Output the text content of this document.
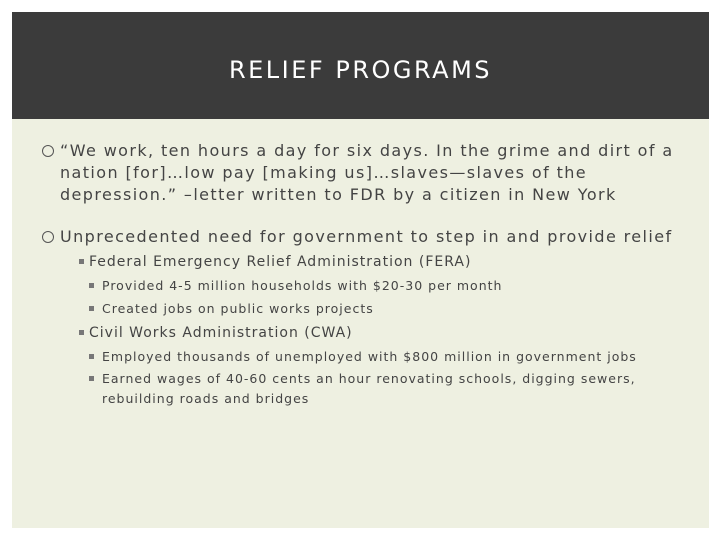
RELIEF PROGRAMS
“We work, ten hours a day for six days. In the grime and dirt of a nation [for]…low pay [making us]…slaves—slaves of the depression.” –letter written to FDR by a citizen in New York
Unprecedented need for government to step in and provide relief
Federal Emergency Relief Administration (FERA)
Provided 4-5 million households with $20-30 per month
Created jobs on public works projects
Civil Works Administration (CWA)
Employed thousands of unemployed with $800 million in government jobs
Earned wages of 40-60 cents an hour renovating schools, digging sewers, rebuilding roads and bridges
